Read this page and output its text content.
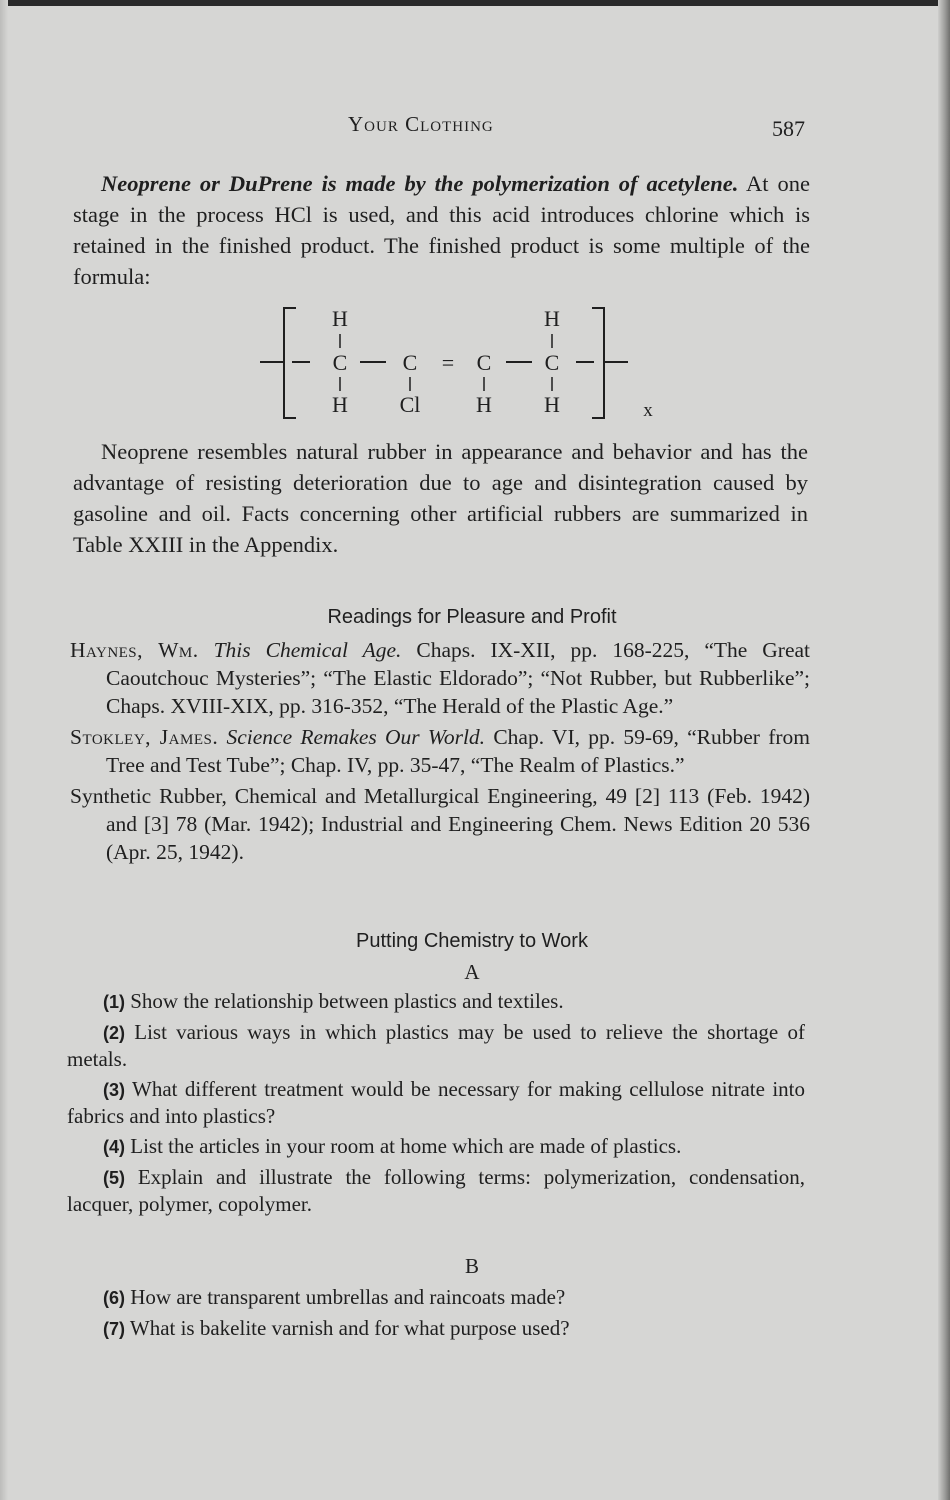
Your Clothing	587

Neoprene or DuPrene is made by the polymerization of acetylene. At one stage in the process HCl is used, and this acid introduces chlorine which is retained in the finished product. The finished product is some multiple of the formula:

H
C
H
C
Cl
= C
H
H
C
H	x

Neoprene resembles natural rubber in appearance and behavior and has the advantage of resisting deterioration due to age and disintegration caused by gasoline and oil. Facts concerning other artificial rubbers are summarized in Table XXIII in the Appendix.

Readings for Pleasure and Profit
Haynes, Wm. This Chemical Age. Chaps. IX-XII, pp. 168-225, “The Great Caoutchouc Mysteries”; “The Elastic Eldorado”; “Not Rubber, but Rubberlike”; Chaps. XVIII-XIX, pp. 316-352, “The Herald of the Plastic Age.”
Stokley, James. Science Remakes Our World. Chap. VI, pp. 59-69, “Rubber from Tree and Test Tube”; Chap. IV, pp. 35-47, “The Realm of Plastics.”
Synthetic Rubber, Chemical and Metallurgical Engineering, 49 [2] 113 (Feb. 1942) and [3] 78 (Mar. 1942); Industrial and Engineering Chem. News Edition 20 536 (Apr. 25, 1942).
Putting Chemistry to Work
A
(1) Show the relationship between plastics and textiles.
(2) List various ways in which plastics may be used to relieve the shortage of metals.
(3) What different treatment would be necessary for making cellulose nitrate into fabrics and into plastics?
(4) List the articles in your room at home which are made of plastics.
(5) Explain and illustrate the following terms: polymerization, condensation, lacquer, polymer, copolymer.
B
(6) How are transparent umbrellas and raincoats made?
(7) What is bakelite varnish and for what purpose used?
